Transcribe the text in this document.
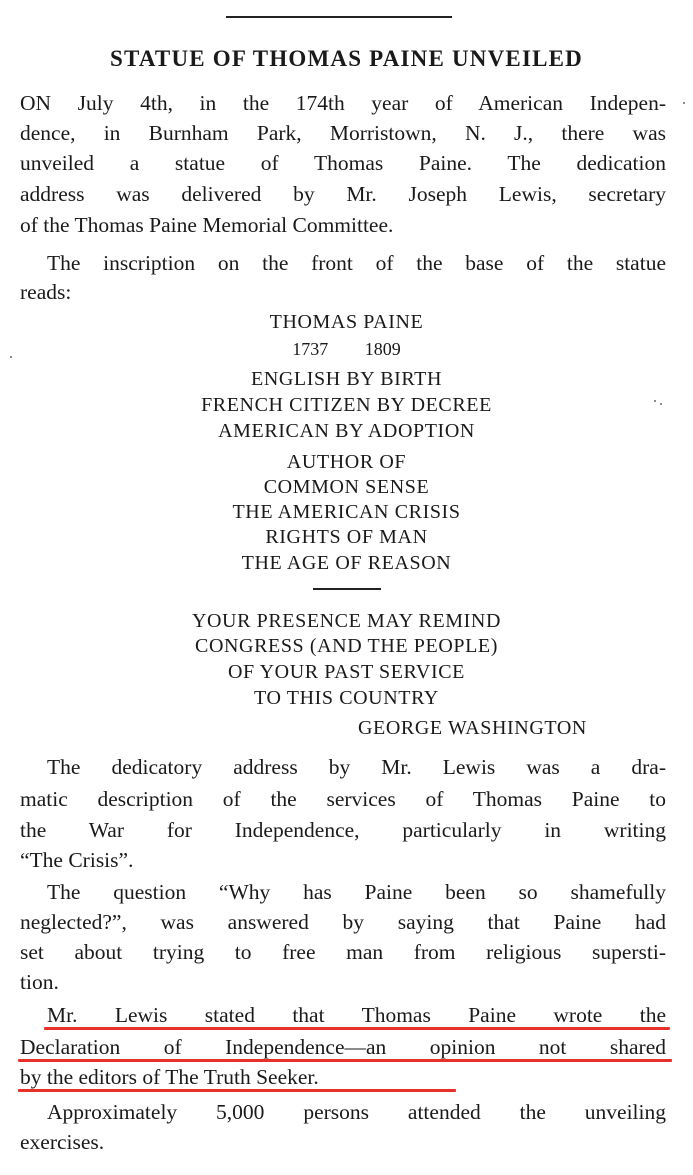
STATUE OF THOMAS PAINE UNVEILED
ON July 4th, in the 174th year of American Indepen-
dence, in Burnham Park, Morristown, N. J., there was
unveiled a statue of Thomas Paine. The dedication
address was delivered by Mr. Joseph Lewis, secretary
of the Thomas Paine Memorial Committee.
The inscription on the front of the base of the statue
reads:
THOMAS PAINE
1737 1809
ENGLISH BY BIRTH
FRENCH CITIZEN BY DECREE
AMERICAN BY ADOPTION
AUTHOR OF
COMMON SENSE
THE AMERICAN CRISIS
RIGHTS OF MAN
THE AGE OF REASON
YOUR PRESENCE MAY REMIND
CONGRESS (AND THE PEOPLE)
OF YOUR PAST SERVICE
TO THIS COUNTRY
GEORGE WASHINGTON
The dedicatory address by Mr. Lewis was a dra-
matic description of the services of Thomas Paine to
the War for Independence, particularly in writing
“The Crisis”.
The question “Why has Paine been so shamefully
neglected?”, was answered by saying that Paine had
set about trying to free man from religious supersti-
tion.
Mr. Lewis stated that Thomas Paine wrote the
Declaration of Independence—an opinion not shared
by the editors of The Truth Seeker.
Approximately 5,000 persons attended the unveiling
exercises.
